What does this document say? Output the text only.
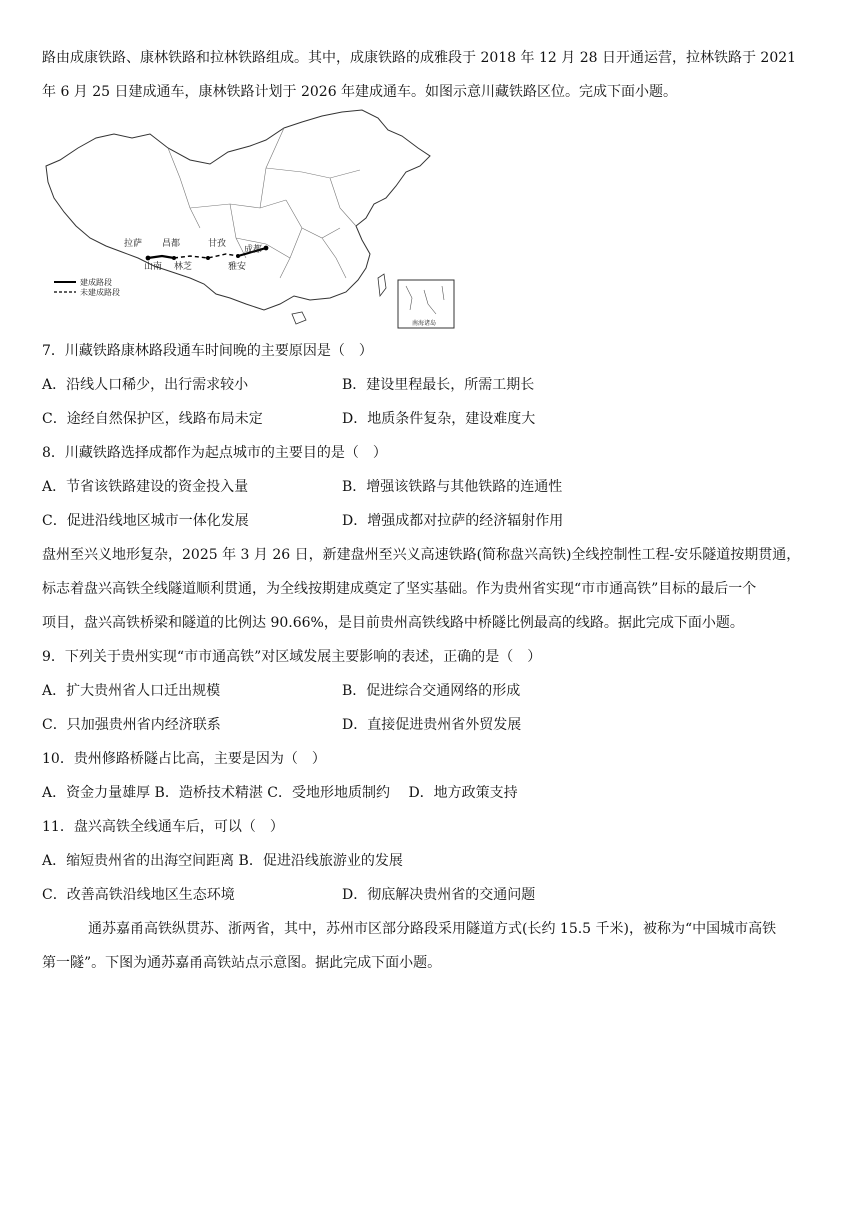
路由成康铁路、康林铁路和拉林铁路组成。其中，成康铁路的成雅段于 2018 年 12 月 28 日开通运营，拉林铁路于 2021
年 6 月 25 日建成通车，康林铁路计划于 2026 年建成通车。如图示意川藏铁路区位。完成下面小题。
拉萨 昌都	甘孜
成都
林芝
山南	雅安
建成路段
未建成路段
南海诸岛
7．川藏铁路康林路段通车时间晚的主要原因是（　）
A．沿线人口稀少，出行需求较小	B．建设里程最长，所需工期长
C．途经自然保护区，线路布局未定	D．地质条件复杂，建设难度大
8．川藏铁路选择成都作为起点城市的主要目的是（　）
A．节省该铁路建设的资金投入量	B．增强该铁路与其他铁路的连通性
C．促进沿线地区城市一体化发展	D．增强成都对拉萨的经济辐射作用
盘州至兴义地形复杂，2025 年 3 月 26 日，新建盘州至兴义高速铁路(简称盘兴高铁)全线控制性工程-安乐隧道按期贯通，
标志着盘兴高铁全线隧道顺利贯通，为全线按期建成奠定了坚实基础。作为贵州省实现“市市通高铁”目标的最后一个
项目，盘兴高铁桥梁和隧道的比例达 90.66%，是目前贵州高铁线路中桥隧比例最高的线路。据此完成下面小题。
9．下列关于贵州实现“市市通高铁”对区域发展主要影响的表述，正确的是（　）
A．扩大贵州省人口迁出规模	B．促进综合交通网络的形成
C．只加强贵州省内经济联系	D．直接促进贵州省外贸发展
10．贵州修路桥隧占比高，主要是因为（　）
A．资金力量雄厚 B．造桥技术精湛 C．受地形地质制约　 D．地方政策支持
11．盘兴高铁全线通车后，可以（　）
A．缩短贵州省的出海空间距离 B．促进沿线旅游业的发展
C．改善高铁沿线地区生态环境	D．彻底解决贵州省的交通问题
通苏嘉甬高铁纵贯苏、浙两省，其中，苏州市区部分路段采用隧道方式(长约 15.5 千米)，被称为“中国城市高铁
第一隧”。下图为通苏嘉甬高铁站点示意图。据此完成下面小题。
